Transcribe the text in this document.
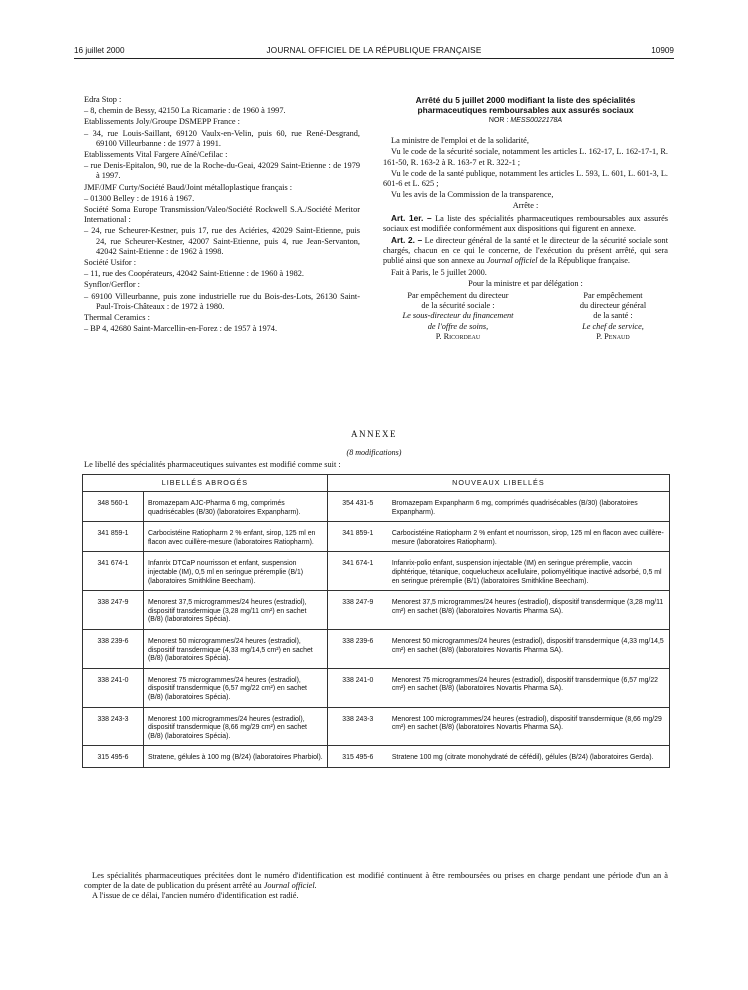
16 juillet 2000	JOURNAL OFFICIEL DE LA RÉPUBLIQUE FRANÇAISE	10909

Edra Stop :

– 8, chemin de Bessy, 42150 La Ricamarie : de 1960 à 1997.

Etablissements Joly/Groupe DSMEPP France :

– 34, rue Louis-Saillant, 69120 Vaulx-en-Velin, puis 60, rue René-Desgrand, 69100 Villeurbanne : de 1977 à 1991.

Etablissements Vital Fargere Aîné/Cefilac :

– rue Denis-Epitalon, 90, rue de la Roche-du-Geai, 42029 Saint-Etienne : de 1979 à 1997.

JMF/JMF Curty/Société Baud/Joint métalloplastique français :

– 01300 Belley : de 1916 à 1967.

Société Soma Europe Transmission/Valeo/Société Rockwell S.A./Société Meritor International :

– 24, rue Scheurer-Kestner, puis 17, rue des Aciéries, 42029 Saint-Etienne, puis 24, rue Scheurer-Kestner, 42007 Saint-Etienne, puis 4, rue Jean-Servanton, 42042 Saint-Etienne : de 1962 à 1998.

Société Usifor :

– 11, rue des Coopérateurs, 42042 Saint-Etienne : de 1960 à 1982.

Synflor/Gerflor :

– 69100 Villeurbanne, puis zone industrielle rue du Bois-des-Lots, 26130 Saint-Paul-Trois-Châteaux : de 1972 à 1980.

Thermal Ceramics :

– BP 4, 42680 Saint-Marcellin-en-Forez : de 1957 à 1974.

Arrêté du 5 juillet 2000 modifiant la liste des spécialités pharmaceutiques remboursables aux assurés sociaux

NOR : MESS0022178A

La ministre de l'emploi et de la solidarité,

Vu le code de la sécurité sociale, notamment les articles L. 162-17, L. 162-17-1, R. 161-50, R. 163-2 à R. 163-7 et R. 322-1 ;

Vu le code de la santé publique, notamment les articles L. 593, L. 601, L. 601-3, L. 601-6 et L. 625 ;

Vu les avis de la Commission de la transparence,

Arrête :

Art. 1er. – La liste des spécialités pharmaceutiques remboursables aux assurés sociaux est modifiée conformément aux dispositions qui figurent en annexe.

Art. 2. – Le directeur général de la santé et le directeur de la sécurité sociale sont chargés, chacun en ce qui le concerne, de l'exécution du présent arrêté, qui sera publié ainsi que son annexe au Journal officiel de la République française.

Fait à Paris, le 5 juillet 2000.

Pour la ministre et par délégation :

Par empêchement du directeur
de la sécurité sociale :
Le sous-directeur du financement
de l'offre de soins,
P. Ricordeau
Par empêchement
du directeur général
de la santé :
Le chef de service,
P. Penaud
ANNEXE
(8 modifications)
Le libellé des spécialités pharmaceutiques suivantes est modifié comme suit :
LIBELLÉS ABROGÉS		NOUVEAUX LIBELLÉS	
348 560-1	Bromazepam AJC-Pharma 6 mg, comprimés quadrisécables (B/30) (laboratoires Expanpharm).	354 431-5	Bromazepam Expanpharm 6 mg, comprimés quadrisécables (B/30) (laboratoires Expanpharm).
341 859-1	Carbocistéine Ratiopharm 2 % enfant, sirop, 125 ml en flacon avec cuillère-mesure (laboratoires Ratiopharm).	341 859-1	Carbocistéine Ratiopharm 2 % enfant et nourrisson, sirop, 125 ml en flacon avec cuillère-mesure (laboratoires Ratiopharm).
341 674-1	Infanrix DTCaP nourrisson et enfant, suspension injectable (IM), 0,5 ml en seringue préremplie (B/1) (laboratoires Smithkline Beecham).	341 674-1	Infanrix-polio enfant, suspension injectable (IM) en seringue préremplie, vaccin diphtérique, tétanique, coquelucheux acellulaire, poliomyélitique inactivé adsorbé, 0,5 ml en seringue préremplie (B/1) (laboratoires Smithkline Beecham).
338 247-9	Menorest 37,5 microgrammes/24 heures (estradiol), dispositif transdermique (3,28 mg/11 cm²) en sachet (B/8) (laboratoires Spécia).	338 247-9	Menorest 37,5 microgrammes/24 heures (estradiol), dispositif transdermique (3,28 mg/11 cm²) en sachet (B/8) (laboratoires Novartis Pharma SA).
338 239-6	Menorest 50 microgrammes/24 heures (estradiol), dispositif transdermique (4,33 mg/14,5 cm²) en sachet (B/8) (laboratoires Spécia).	338 239-6	Menorest 50 microgrammes/24 heures (estradiol), dispositif transdermique (4,33 mg/14,5 cm²) en sachet (B/8) (laboratoires Novartis Pharma SA).
338 241-0	Menorest 75 microgrammes/24 heures (estradiol), dispositif transdermique (6,57 mg/22 cm²) en sachet (B/8) (laboratoires Spécia).	338 241-0	Menorest 75 microgrammes/24 heures (estradiol), dispositif transdermique (6,57 mg/22 cm²) en sachet (B/8) (laboratoires Novartis Pharma SA).
338 243-3	Menorest 100 microgrammes/24 heures (estradiol), dispositif transdermique (8,66 mg/29 cm²) en sachet (B/8) (laboratoires Spécia).	338 243-3	Menorest 100 microgrammes/24 heures (estradiol), dispositif transdermique (8,66 mg/29 cm²) en sachet (B/8) (laboratoires Novartis Pharma SA).
315 495-6	Stratene, gélules à 100 mg (B/24) (laboratoires Pharbiol).	315 495-6	Stratene 100 mg (citrate monohydraté de céfédil), gélules (B/24) (laboratoires Gerda).

Les spécialités pharmaceutiques précitées dont le numéro d'identification est modifié continuent à être remboursées ou prises en charge pendant une période d'un an à compter de la date de publication du présent arrêté au Journal officiel.

A l'issue de ce délai, l'ancien numéro d'identification est radié.
